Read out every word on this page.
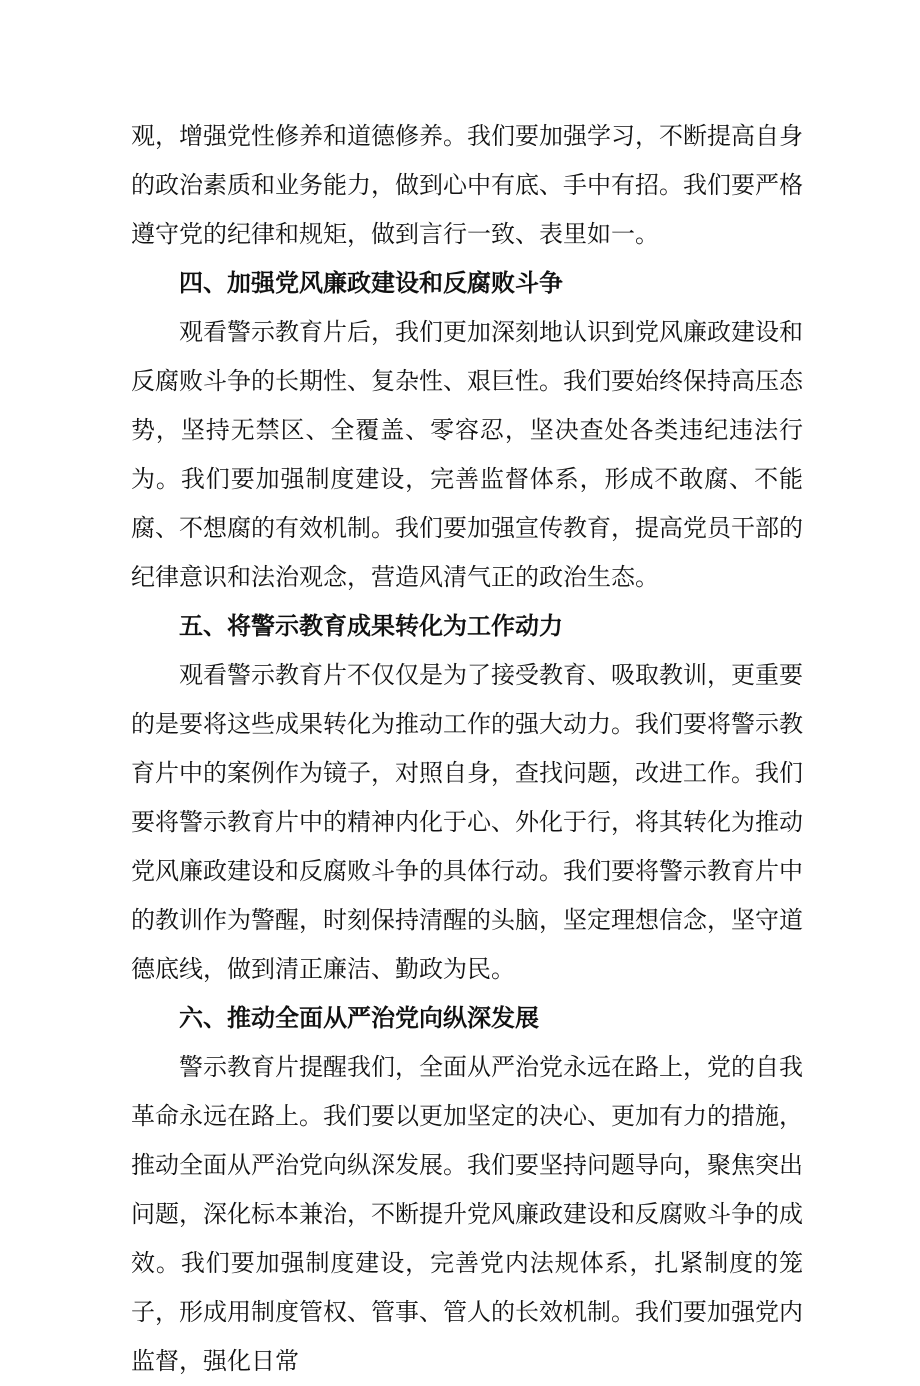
观，增强党性修养和道德修养。我们要加强学习，不断提高自身的政治素质和业务能力，做到心中有底、手中有招。我们要严格遵守党的纪律和规矩，做到言行一致、表里如一。

四、加强党风廉政建设和反腐败斗争

观看警示教育片后，我们更加深刻地认识到党风廉政建设和反腐败斗争的长期性、复杂性、艰巨性。我们要始终保持高压态势，坚持无禁区、全覆盖、零容忍，坚决查处各类违纪违法行为。我们要加强制度建设，完善监督体系，形成不敢腐、不能腐、不想腐的有效机制。我们要加强宣传教育，提高党员干部的纪律意识和法治观念，营造风清气正的政治生态。

五、将警示教育成果转化为工作动力

观看警示教育片不仅仅是为了接受教育、吸取教训，更重要的是要将这些成果转化为推动工作的强大动力。我们要将警示教育片中的案例作为镜子，对照自身，查找问题，改进工作。我们要将警示教育片中的精神内化于心、外化于行，将其转化为推动党风廉政建设和反腐败斗争的具体行动。我们要将警示教育片中的教训作为警醒，时刻保持清醒的头脑，坚定理想信念，坚守道德底线，做到清正廉洁、勤政为民。

六、推动全面从严治党向纵深发展

警示教育片提醒我们，全面从严治党永远在路上，党的自我革命永远在路上。我们要以更加坚定的决心、更加有力的措施，推动全面从严治党向纵深发展。我们要坚持问题导向，聚焦突出问题，深化标本兼治，不断提升党风廉政建设和反腐败斗争的成效。我们要加强制度建设，完善党内法规体系，扎紧制度的笼子，形成用制度管权、管事、管人的长效机制。我们要加强党内监督，强化日常
